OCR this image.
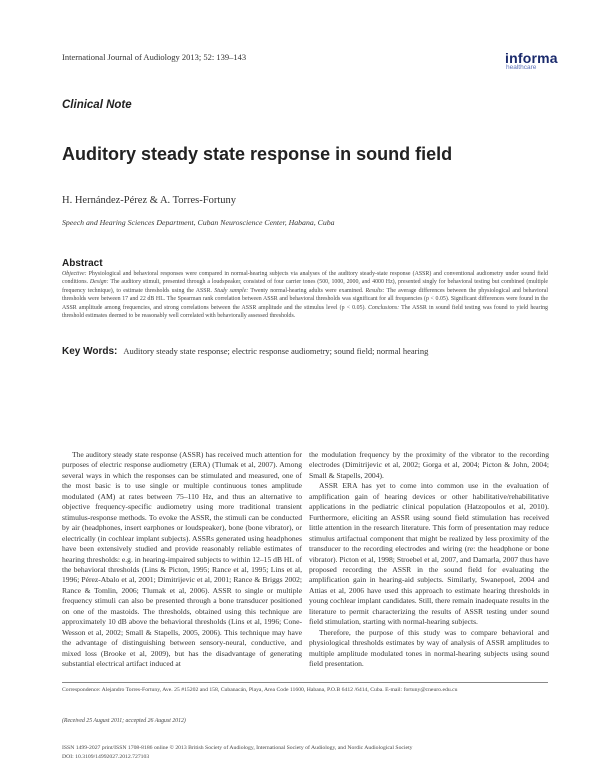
International Journal of Audiology 2013; 52: 139–143	informa
healthcare
Clinical Note
Auditory steady state response in sound field
H. Hernández-Pérez & A. Torres-Fortuny
Speech and Hearing Sciences Department, Cuban Neuroscience Center, Habana, Cuba
Abstract
Objective: Physiological and behavioral responses were compared in normal-hearing subjects via analyses of the auditory steady-state response (ASSR) and conventional audiometry under sound field conditions. Design: The auditory stimuli, presented through a loudspeaker, consisted of four carrier tones (500, 1000, 2000, and 4000 Hz), presented singly for behavioral testing but combined (multiple frequency technique), to estimate thresholds using the ASSR. Study sample: Twenty normal-hearing adults were examined. Results: The average differences between the physiological and behavioral thresholds were between 17 and 22 dB HL. The Spearman rank correlation between ASSR and behavioral thresholds was significant for all frequencies (p < 0.05). Significant differences were found in the ASSR amplitude among frequencies, and strong correlations between the ASSR amplitude and the stimulus level (p < 0.05). Conclusions: The ASSR in sound field testing was found to yield hearing threshold estimates deemed to be reasonably well correlated with behaviorally assessed thresholds.
Key Words: Auditory steady state response; electric response audiometry; sound field; normal hearing

The auditory steady state response (ASSR) has received much attention for purposes of electric response audiometry (ERA) (Tlumak et al, 2007). Among several ways in which the responses can be stimulated and measured, one of the most basic is to use single or multiple continuous tones amplitude modulated (AM) at rates between 75–110 Hz, and thus an alternative to objective frequency-specific audiometry using more traditional transient stimulus-response methods. To evoke the ASSR, the stimuli can be conducted by air (headphones, insert earphones or loudspeaker), bone (bone vibrator), or electrically (in cochlear implant subjects). ASSRs generated using headphones have been extensively studied and provide reasonably reliable estimates of hearing thresholds: e.g. in hearing-impaired subjects to within 12–15 dB HL of the behavioral thresholds (Lins & Picton, 1995; Rance et al, 1995; Lins et al, 1996; Pérez-Abalo et al, 2001; Dimitrijevic et al, 2001; Rance & Briggs 2002; Rance & Tomlin, 2006; Tlumak et al, 2006). ASSR to single or multiple frequency stimuli can also be presented through a bone transducer positioned on one of the mastoids. The thresholds, obtained using this technique are approximately 10 dB above the behavioral thresholds (Lins et al, 1996; Cone-Wesson et al, 2002; Small & Stapells, 2005, 2006). This technique may have the advantage of distinguishing between sensory-neural, conductive, and mixed loss (Brooke et al, 2009), but has the disadvantage of generating substantial electrical artifact induced at

the modulation frequency by the proximity of the vibrator to the recording electrodes (Dimitrijevic et al, 2002; Gorga et al, 2004; Picton & John, 2004; Small & Stapells, 2004).

ASSR ERA has yet to come into common use in the evaluation of amplification gain of hearing devices or other habilitative/rehabilitative applications in the pediatric clinical population (Hatzopoulos et al, 2010). Furthermore, eliciting an ASSR using sound field stimulation has received little attention in the research literature. This form of presentation may reduce stimulus artifactual component that might be realized by less proximity of the transducer to the recording electrodes and wiring (re: the headphone or bone vibrator). Picton et al, 1998; Stroebel et al, 2007, and Damarla, 2007 thus have proposed recording the ASSR in the sound field for evaluating the amplification gain in hearing-aid subjects. Similarly, Swanepoel, 2004 and Attias et al, 2006 have used this approach to estimate hearing thresholds in young cochlear implant candidates. Still, there remain inadequate results in the literature to permit characterizing the results of ASSR testing under sound field stimulation, starting with normal-hearing subjects.

Therefore, the purpose of this study was to compare behavioral and physiological thresholds estimates by way of analysis of ASSR amplitudes to multiple amplitude modulated tones in normal-hearing subjects using sound field presentation.

Correspondence: Alejandro Torres-Fortuny, Ave. 25 #15202 and 158, Cubanacán, Playa, Area Code 11600, Habana, P.O.B 6412 /6414, Cuba. E-mail: fortuny@cneuro.edu.cu
(Received 25 August 2011; accepted 26 August 2012)
ISSN 1499-2027 print/ISSN 1708-8186 online © 2013 British Society of Audiology, International Society of Audiology, and Nordic Audiological Society
DOI: 10.3109/14992027.2012.727103
